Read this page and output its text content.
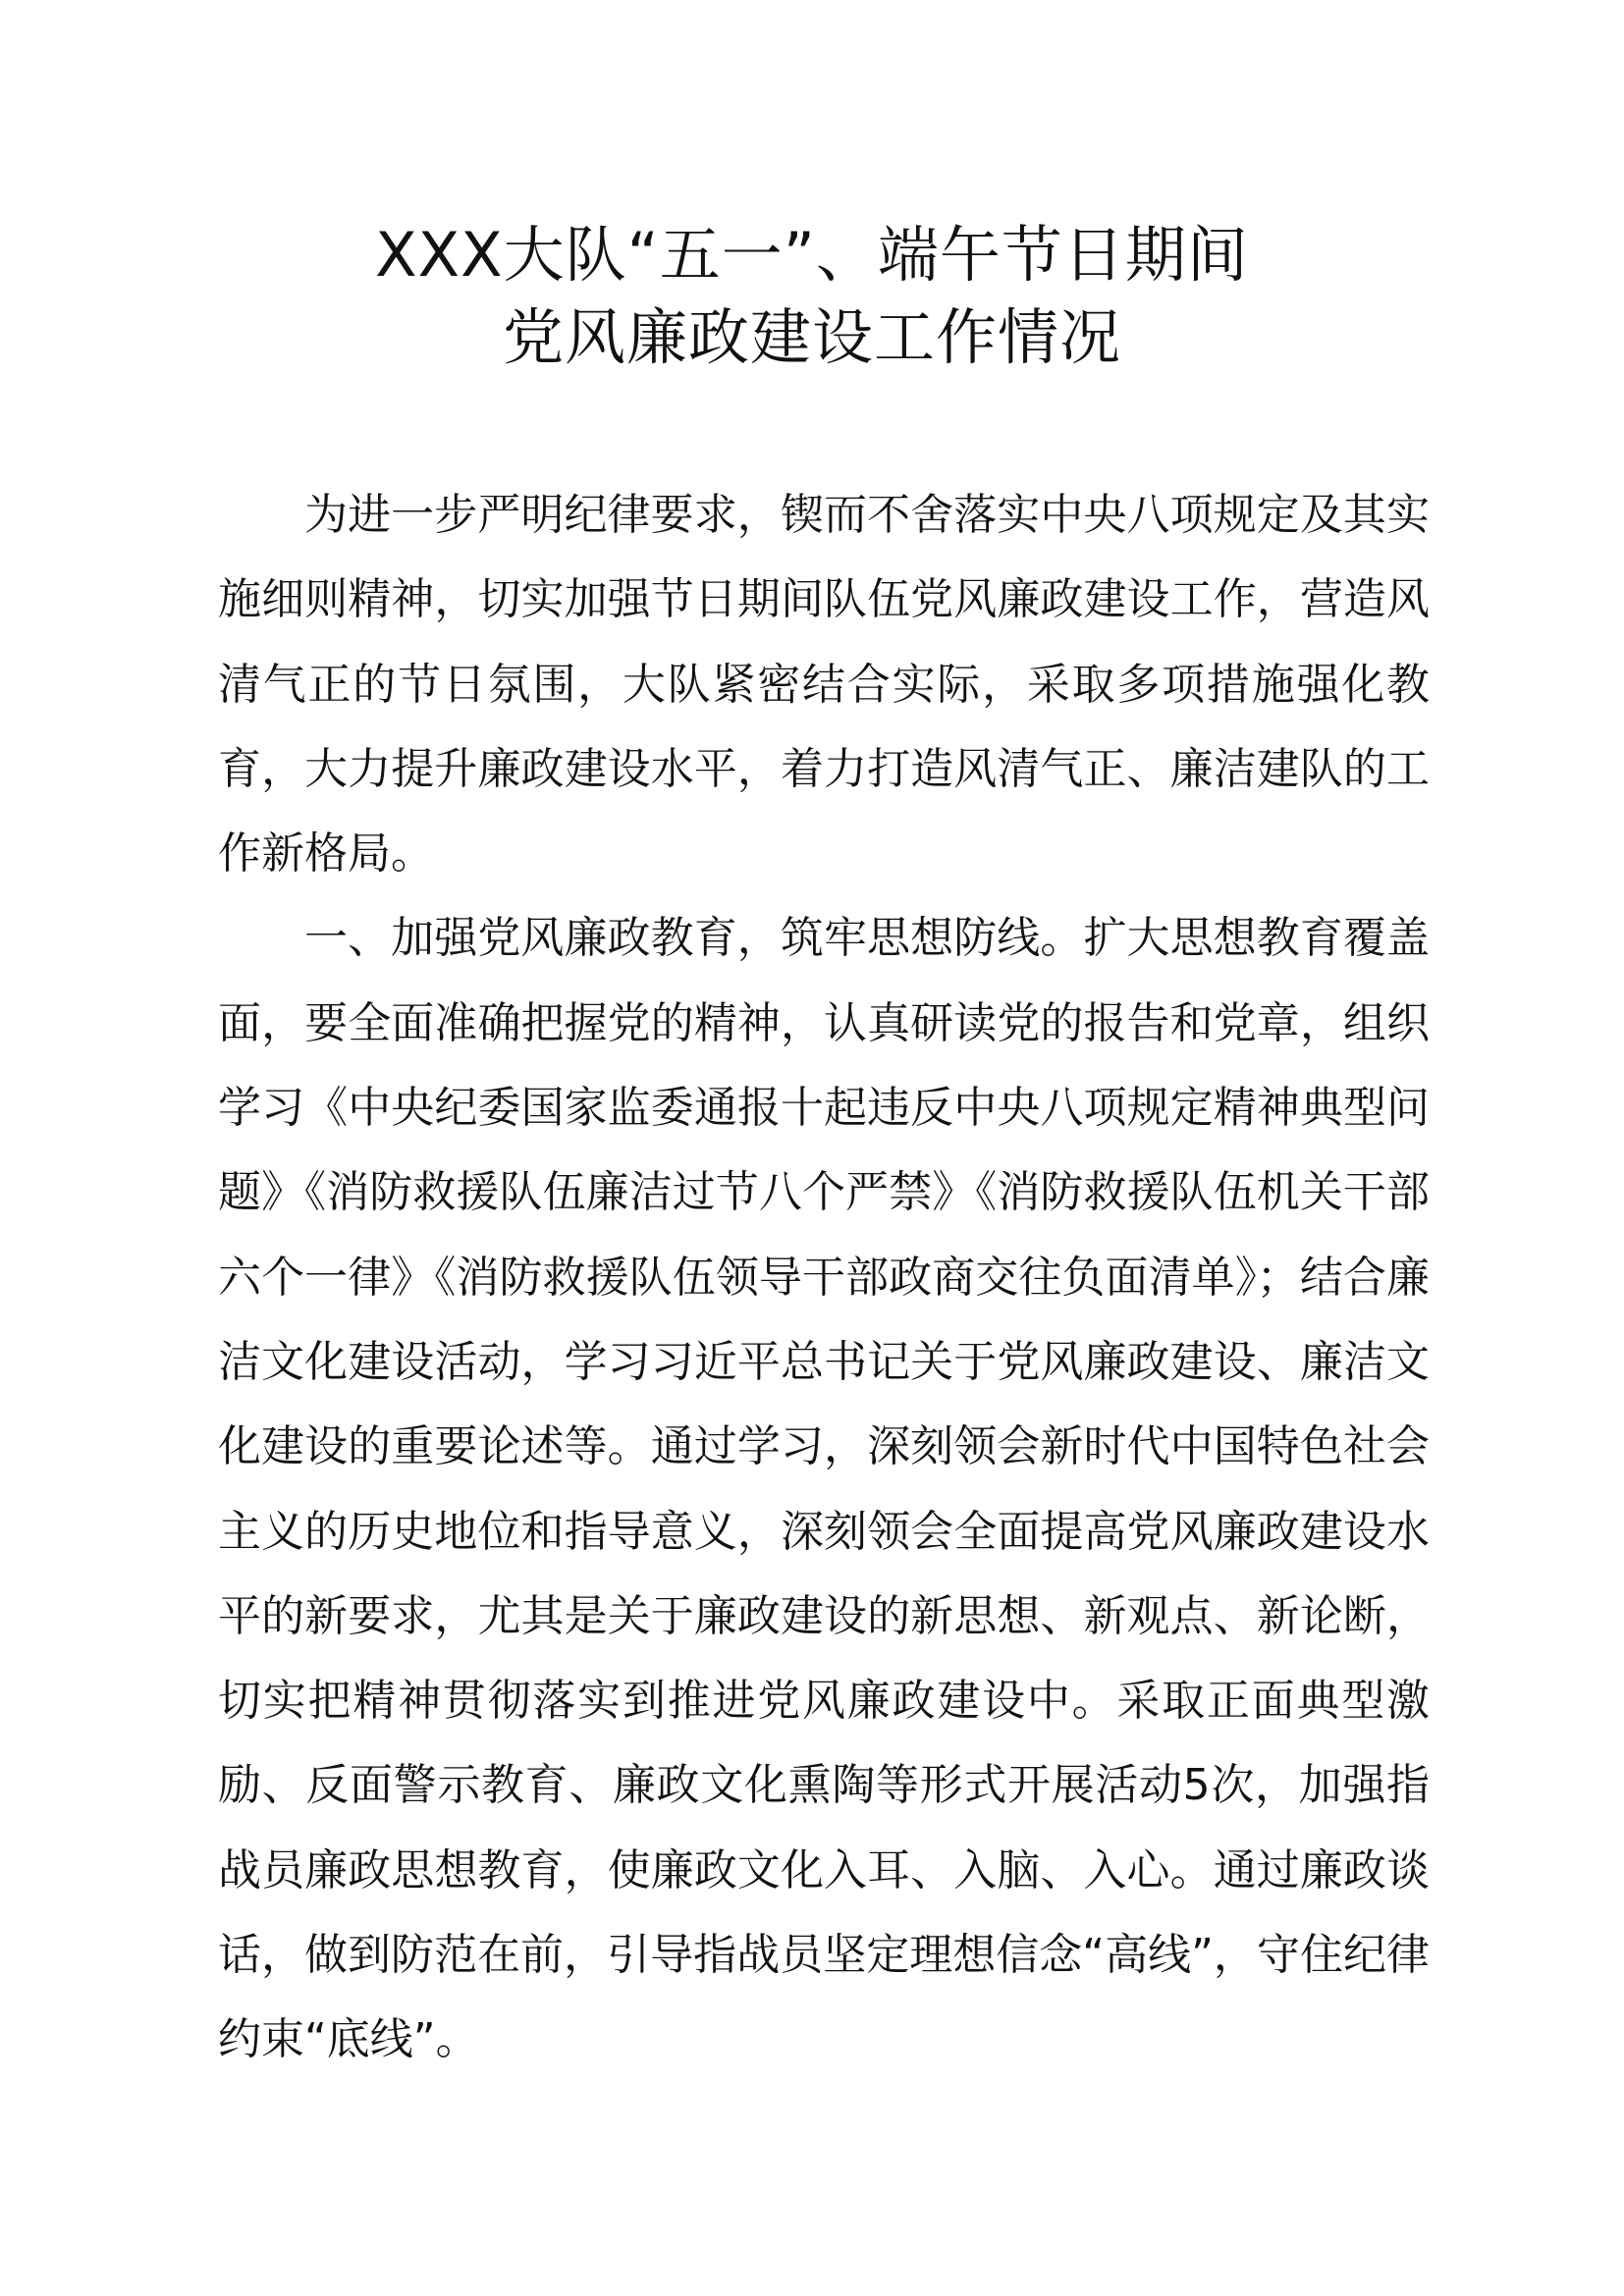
XXX大队“五一”、端午节日期间
党风廉政建设工作情况

为进一步严明纪律要求，锲而不舍落实中央八项规定及其实施细则精神，切实加强节日期间队伍党风廉政建设工作，营造风清气正的节日氛围，大队紧密结合实际，采取多项措施强化教育，大力提升廉政建设水平，着力打造风清气正、廉洁建队的工作新格局。

一、加强党风廉政教育，筑牢思想防线。扩大思想教育覆盖面，要全面准确把握党的精神，认真研读党的报告和党章，组织学习《中央纪委国家监委通报十起违反中央八项规定精神典型问题》《消防救援队伍廉洁过节八个严禁》《消防救援队伍机关干部六个一律》《消防救援队伍领导干部政商交往负面清单》；结合廉洁文化建设活动，学习习近平总书记关于党风廉政建设、廉洁文化建设的重要论述等。通过学习，深刻领会新时代中国特色社会主义的历史地位和指导意义，深刻领会全面提高党风廉政建设水平的新要求，尤其是关于廉政建设的新思想、新观点、新论断，切实把精神贯彻落实到推进党风廉政建设中。采取正面典型激励、反面警示教育、廉政文化熏陶等形式开展活动5次，加强指战员廉政思想教育，使廉政文化入耳、入脑、入心。通过廉政谈话，做到防范在前，引导指战员坚定理想信念“高线”，守住纪律约束“底线”。
